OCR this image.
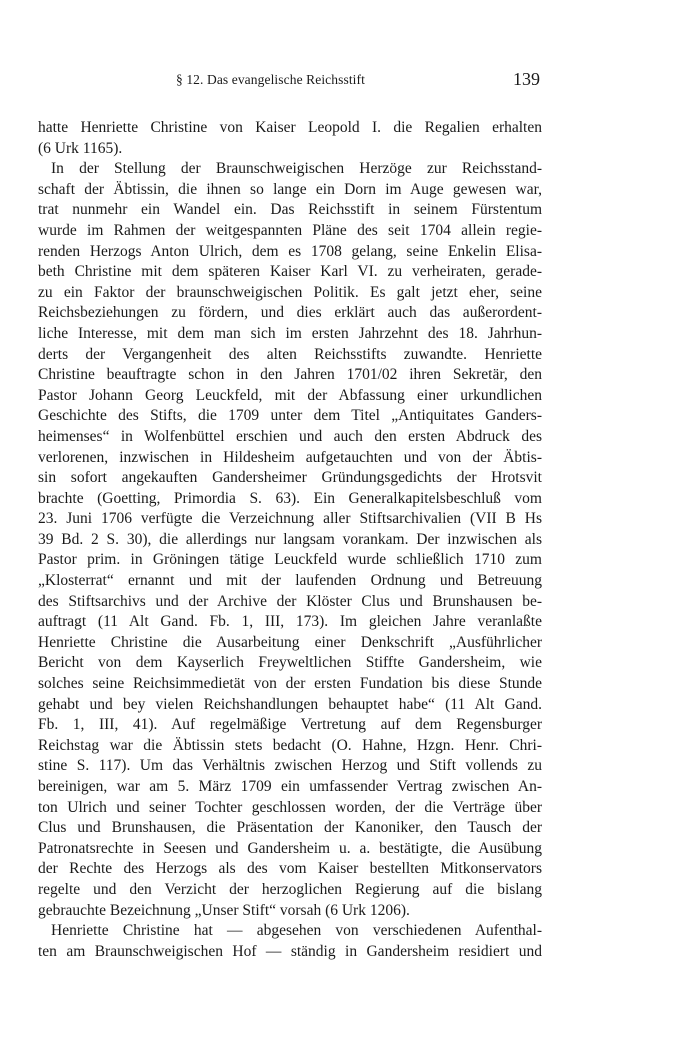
§ 12. Das evangelische Reichsstift	139
hatte Henriette Christine von Kaiser Leopold I. die Regalien erhalten
(6 Urk 1165).
In der Stellung der Braunschweigischen Herzöge zur Reichsstand-
schaft der Äbtissin, die ihnen so lange ein Dorn im Auge gewesen war,
trat nunmehr ein Wandel ein. Das Reichsstift in seinem Fürstentum
wurde im Rahmen der weitgespannten Pläne des seit 1704 allein regie-
renden Herzogs Anton Ulrich, dem es 1708 gelang, seine Enkelin Elisa-
beth Christine mit dem späteren Kaiser Karl VI. zu verheiraten, gerade-
zu ein Faktor der braunschweigischen Politik. Es galt jetzt eher, seine
Reichsbeziehungen zu fördern, und dies erklärt auch das außerordent-
liche Interesse, mit dem man sich im ersten Jahrzehnt des 18. Jahrhun-
derts der Vergangenheit des alten Reichsstifts zuwandte. Henriette
Christine beauftragte schon in den Jahren 1701/02 ihren Sekretär, den
Pastor Johann Georg Leuckfeld, mit der Abfassung einer urkundlichen
Geschichte des Stifts, die 1709 unter dem Titel „Antiquitates Ganders-
heimenses“ in Wolfenbüttel erschien und auch den ersten Abdruck des
verlorenen, inzwischen in Hildesheim aufgetauchten und von der Äbtis-
sin sofort angekauften Gandersheimer Gründungsgedichts der Hrotsvit
brachte (Goetting, Primordia S. 63). Ein Generalkapitelsbeschluß vom
23. Juni 1706 verfügte die Verzeichnung aller Stiftsarchivalien (VII B Hs
39 Bd. 2 S. 30), die allerdings nur langsam vorankam. Der inzwischen als
Pastor prim. in Gröningen tätige Leuckfeld wurde schließlich 1710 zum
„Klosterrat“ ernannt und mit der laufenden Ordnung und Betreuung
des Stiftsarchivs und der Archive der Klöster Clus und Brunshausen be-
auftragt (11 Alt Gand. Fb. 1, III, 173). Im gleichen Jahre veranlaßte
Henriette Christine die Ausarbeitung einer Denkschrift „Ausführlicher
Bericht von dem Kayserlich Freyweltlichen Stiffte Gandersheim, wie
solches seine Reichsimmedietät von der ersten Fundation bis diese Stunde
gehabt und bey vielen Reichshandlungen behauptet habe“ (11 Alt Gand.
Fb. 1, III, 41). Auf regelmäßige Vertretung auf dem Regensburger
Reichstag war die Äbtissin stets bedacht (O. Hahne, Hzgn. Henr. Chri-
stine S. 117). Um das Verhältnis zwischen Herzog und Stift vollends zu
bereinigen, war am 5. März 1709 ein umfassender Vertrag zwischen An-
ton Ulrich und seiner Tochter geschlossen worden, der die Verträge über
Clus und Brunshausen, die Präsentation der Kanoniker, den Tausch der
Patronatsrechte in Seesen und Gandersheim u. a. bestätigte, die Ausübung
der Rechte des Herzogs als des vom Kaiser bestellten Mitkonservators
regelte und den Verzicht der herzoglichen Regierung auf die bislang
gebrauchte Bezeichnung „Unser Stift“ vorsah (6 Urk 1206).
Henriette Christine hat — abgesehen von verschiedenen Aufenthal-
ten am Braunschweigischen Hof — ständig in Gandersheim residiert und
